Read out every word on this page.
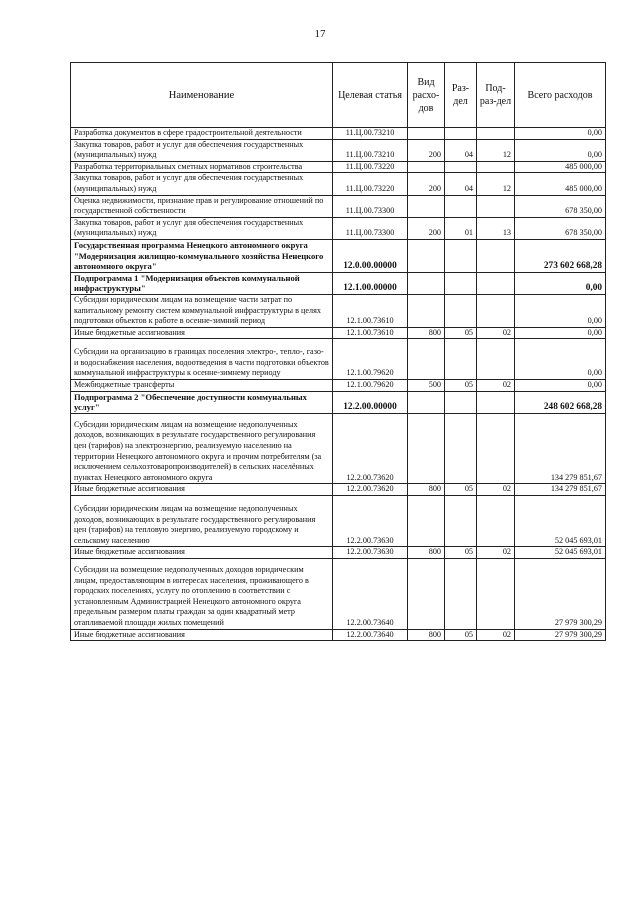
17
Наименование	Целевая статья	Вид расхо-дов	Раз-дел	Под-раз-дел	Всего расходов
Разработка документов в сфере градостроительной деятельности	11.Ц.00.73210				0,00
Закупка товаров, работ и услуг для обеспечения государственных (муниципальных) нужд	11.Ц.00.73210	200	04	12	0,00
Разработка территориальных сметных нормативов строительства	11.Ц.00.73220				485 000,00
Закупка товаров, работ и услуг для обеспечения государственных (муниципальных) нужд	11.Ц.00.73220	200	04	12	485 000,00
Оценка недвижимости, признание прав и регулирование отношений по государственной собственности	11.Ц.00.73300				678 350,00
Закупка товаров, работ и услуг для обеспечения государственных (муниципальных) нужд	11.Ц.00.73300	200	01	13	678 350,00
Государственная программа Ненецкого автономного округа "Модернизация жилищно-коммунального хозяйства Ненецкого автономного округа"	12.0.00.00000				273 602 668,28
Подпрограмма 1 "Модернизация объектов коммунальной инфраструктуры"	12.1.00.00000				0,00
Субсидии юридическим лицам на возмещение части затрат по капитальному ремонту систем коммунальной инфраструктуры в целях подготовки объектов к работе в осенне-зимний период	12.1.00.73610				0,00
Иные бюджетные ассигнования	12.1.00.73610	800	05	02	0,00
Субсидии на организацию в границах поселения электро-, тепло-, газо- и водоснабжения населения, водоотведения в части подготовки объектов коммунальной инфраструктуры к осенне-зимнему периоду	12.1.00.79620				0,00
Межбюджетные трансферты	12.1.00.79620	500	05	02	0,00
Подпрограмма 2 "Обеспечение доступности коммунальных услуг"	12.2.00.00000				248 602 668,28
Субсидии юридическим лицам на возмещение недополученных доходов, возникающих в результате государственного регулирования цен (тарифов) на электроэнергию, реализуемую населению на территории Ненецкого автономного округа и прочим потребителям (за исключением сельхозтоваропроизводителей) в сельских населённых пунктах Ненецкого автономного округа	12.2.00.73620				134 279 851,67
Иные бюджетные ассигнования	12.2.00.73620	800	05	02	134 279 851,67
Субсидии юридическим лицам на возмещение недополученных доходов, возникающих в результате государственного регулирования цен (тарифов) на тепловую энергию, реализуемую городскому и сельскому населению	12.2.00.73630				52 045 693,01
Иные бюджетные ассигнования	12.2.00.73630	800	05	02	52 045 693,01
Субсидии на возмещение недополученных доходов юридическим лицам, предоставляющим в интересах населения, проживающего в городских поселениях, услугу по отоплению в соответствии с установленным Администрацией Ненецкого автономного округа предельным размером платы граждан за один квадратный метр отапливаемой площади жилых помещений	12.2.00.73640				27 979 300,29
Иные бюджетные ассигнования	12.2.00.73640	800	05	02	27 979 300,29
